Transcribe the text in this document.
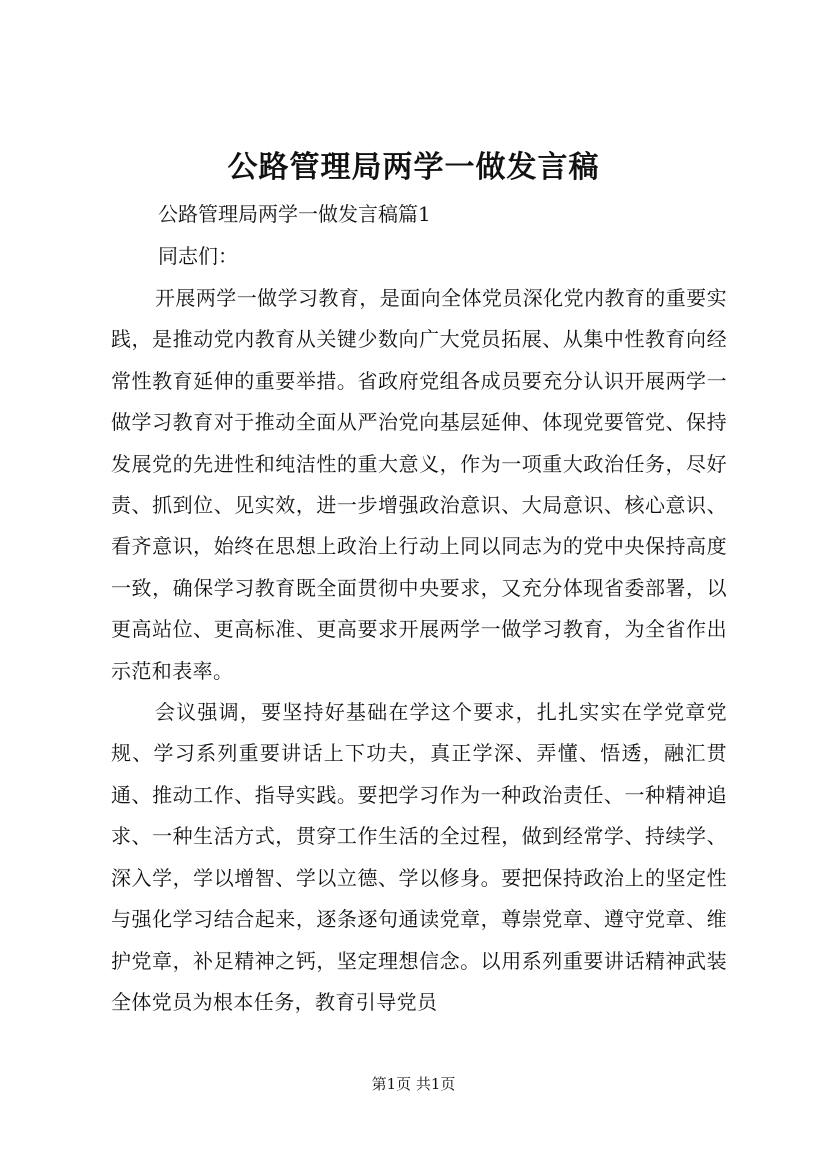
公路管理局两学一做发言稿

公路管理局两学一做发言稿篇1

同志们：

开展两学一做学习教育，是面向全体党员深化党内教育的重要实践，是推动党内教育从关键少数向广大党员拓展、从集中性教育向经常性教育延伸的重要举措。省政府党组各成员要充分认识开展两学一做学习教育对于推动全面从严治党向基层延伸、体现党要管党、保持发展党的先进性和纯洁性的重大意义，作为一项重大政治任务，尽好责、抓到位、见实效，进一步增强政治意识、大局意识、核心意识、看齐意识，始终在思想上政治上行动上同以同志为的党中央保持高度一致，确保学习教育既全面贯彻中央要求，又充分体现省委部署，以更高站位、更高标准、更高要求开展两学一做学习教育，为全省作出示范和表率。

会议强调，要坚持好基础在学这个要求，扎扎实实在学党章党规、学习系列重要讲话上下功夫，真正学深、弄懂、悟透，融汇贯通、推动工作、指导实践。要把学习作为一种政治责任、一种精神追求、一种生活方式，贯穿工作生活的全过程，做到经常学、持续学、深入学，学以增智、学以立德、学以修身。要把保持政治上的坚定性与强化学习结合起来，逐条逐句通读党章，尊崇党章、遵守党章、维护党章，补足精神之钙，坚定理想信念。以用系列重要讲话精神武装全体党员为根本任务，教育引导党员

第1页 共1页
